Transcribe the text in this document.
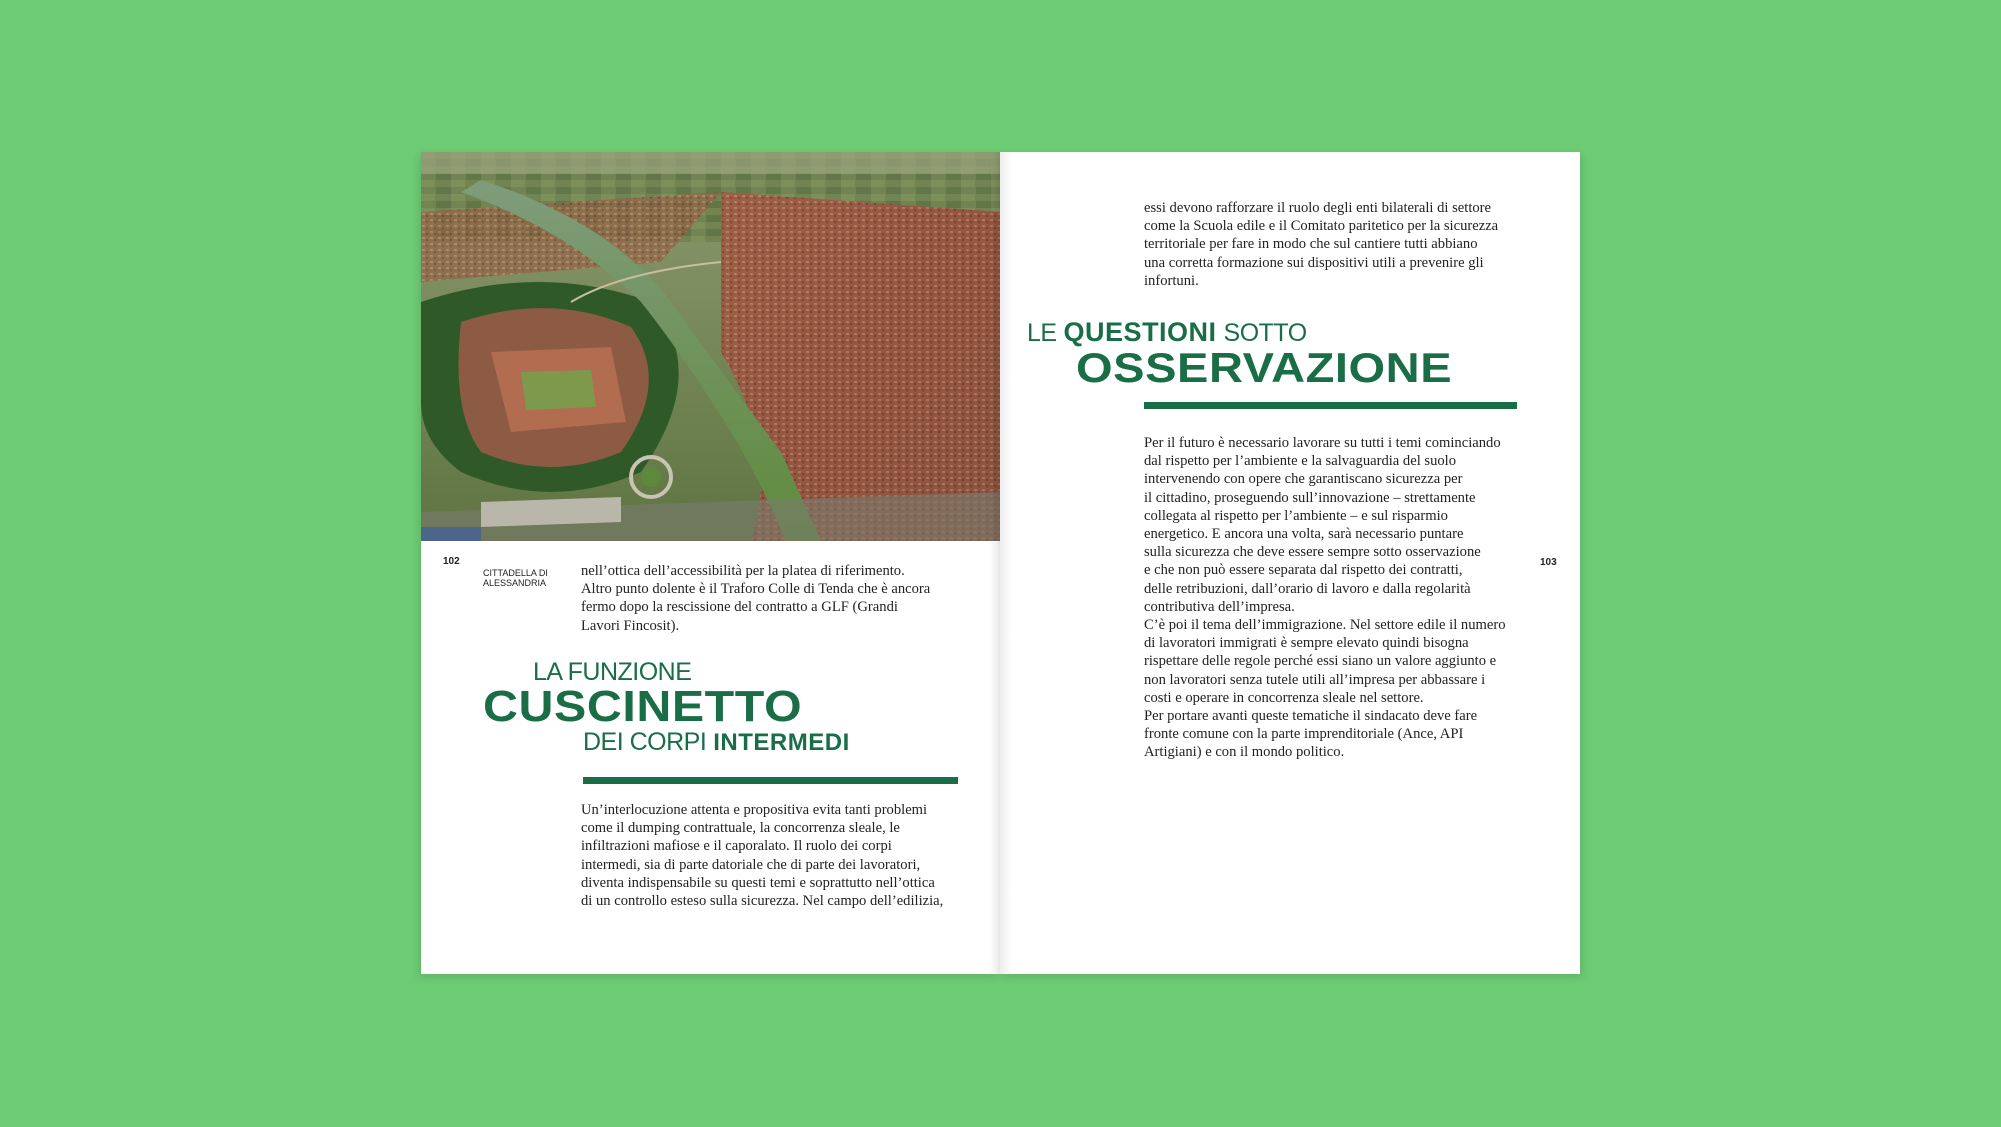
102
CITTADELLA DI ALESSANDRIA
nell’ottica dell’accessibilità per la platea di riferimento.
Altro punto dolente è il Traforo Colle di Tenda che è ancora
fermo dopo la rescissione del contratto a GLF (Grandi
Lavori Fincosit).
LA FUNZIONE
CUSCINETTO
DEI CORPI INTERMEDI
Un’interlocuzione attenta e propositiva evita tanti problemi
come il dumping contrattuale, la concorrenza sleale, le
infiltrazioni mafiose e il caporalato. Il ruolo dei corpi
intermedi, sia di parte datoriale che di parte dei lavoratori,
diventa indispensabile su questi temi e soprattutto nell’ottica
di un controllo esteso sulla sicurezza. Nel campo dell’edilizia,
essi devono rafforzare il ruolo degli enti bilaterali di settore
come la Scuola edile e il Comitato paritetico per la sicurezza
territoriale per fare in modo che sul cantiere tutti abbiano
una corretta formazione sui dispositivi utili a prevenire gli
infortuni.
LE QUESTIONI SOTTO
OSSERVAZIONE
Per il futuro è necessario lavorare su tutti i temi cominciando
dal rispetto per l’ambiente e la salvaguardia del suolo
intervenendo con opere che garantiscano sicurezza per
il cittadino, proseguendo sull’innovazione – strettamente
collegata al rispetto per l’ambiente – e sul risparmio
energetico. E ancora una volta, sarà necessario puntare
sulla sicurezza che deve essere sempre sotto osservazione
e che non può essere separata dal rispetto dei contratti,
delle retribuzioni, dall’orario di lavoro e dalla regolarità
contributiva dell’impresa.
C’è poi il tema dell’immigrazione. Nel settore edile il numero
di lavoratori immigrati è sempre elevato quindi bisogna
rispettare delle regole perché essi siano un valore aggiunto e
non lavoratori senza tutele utili all’impresa per abbassare i
costi e operare in concorrenza sleale nel settore.
Per portare avanti queste tematiche il sindacato deve fare
fronte comune con la parte imprenditoriale (Ance, API
Artigiani) e con il mondo politico.
103
